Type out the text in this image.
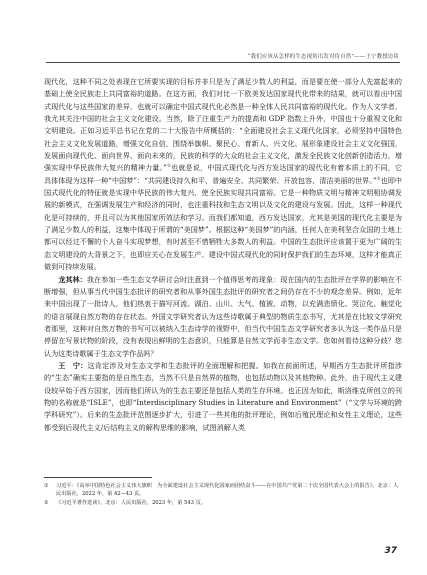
“我们应该从怎样的生态视角出发对待自然”——王宁教授访谈

现代化，这种不同之处表现在它所要实现的目标并非只是为了满足少数人的利益，而是要在使一部分人先富起来的基础上使全民族走上共同富裕的道路。在这方面，我们对比一下欧美发达国家现代化带来的结果，就可以看出中国式现代化与这些国家的差异，也就可以确定中国式现代化必然是一种全体人民共同富裕的现代化。作为人文学者，我尤其关注中国的社会主义文化建设。当然，除了注重生产力的提高和 GDP 指数上升外，中国也十分重视文化和文明建设。正如习近平总书记在党的二十大报告中所概括的：“全面建设社会主义现代化国家，必须坚持中国特色社会主义文化发展道路，增强文化自信，围绕举旗帜、聚民心、育新人、兴文化、展形象建设社会主义文化强国，发展面向现代化、面向世界、面向未来的，民族的科学的大众的社会主义文化，激发全民族文化创新创造活力，增强实现中华民族伟大复兴的精神力量。”①也就是说，中国式现代化与西方发达国家的现代化有着本质上的不同，它具体体现为这样一种“中国梦”：“共同建设持久和平、普遍安全、共同繁荣、开放包容、清洁美丽的世界。”②也即中国式现代化的特征就是实现中华民族的伟大复兴，使全民族实现共同富裕。它是一种物质文明与精神文明相协调发展的新模式，在强调发展生产和经济的同时，也注重科技和生态文明以及文化的建设与发展。因此，这样一种现代化是可持续的，并且可以为其他国家所效法和学习。而我们都知道，西方发达国家，尤其是美国的现代化主要是为了满足少数人的利益，这集中体现于所谓的“美国梦”。根据这种“美国梦”的内涵，任何人在美利坚合众国的土地上都可以经过不懈的个人奋斗实现梦想，有时甚至不惜牺牲大多数人的利益。中国的生态批评应该置于更为广阔的生态文明建设的大背景之下，也即应关心在发展生产、建设中国式现代化的同时保护我们的生态环境，这样才能真正做到可持续发展。

龙其林：我在参加一些生态文学研讨会时注意到一个值得思考的现象：现在国内的生态批评在学界的影响在不断增强，但从事当代中国生态批评的研究者和从事外国生态批评的研究者之间仍存在不少的观念差异。例如，近年来中国出现了一批诗人，他们热衷于描写河流、湖泊、山川、大气、植被、动物，以充满悲愤化、哭泣化、触觉化的语言展现自然万物的存在状态。外国文学研究者认为这些诗歌属于典型的物质生态书写，尤其是在比较文学研究者那里，这种对自然万物的书写可以被纳入生态诗学的视野中，但当代中国生态文学研究者多认为这一类作品只是停留在写景状物的阶段，没有表现出鲜明的生态意识，只能算是自然文学而非生态文学。您如何看待这种分歧？您认为这类诗歌属于生态文学作品吗？

王　宁：这肯定涉及对生态文学和生态批评的全面理解和把握。如我在前面所述，早期西方生态批评所指涉的“生态”确实主要指的是自然生态，当然不只是自然界的植物，也包括动物以及其他物种。此外，由于现代主义建设较早始于西方国家，因而他们所认为的生态主要还是包括人类的生存环境。也正因为如此，斯洛维克所创立的刊物的名称就是“ISLE”，也即“Interdisciplinary Studies in Literature and Environment”（“文学与环境的跨学科研究”）。后来的生态批评范围逐步扩大，引进了一些其他的批评理论，例如后殖民理论和女性主义理论，这些都受到后现代主义/后结构主义的解构思维的影响，试图消解人类

①	习近平：《高举中国特色社会主义伟大旗帜　为全面建设社会主义现代化国家而团结奋斗——在中国共产党第二十次全国代表大会上的报告》，北京：人民出版社，2022 年，第 42—43 页。
②	《习近平著作选读》，北京：人民出版社，2023 年，第 543 页。
37
